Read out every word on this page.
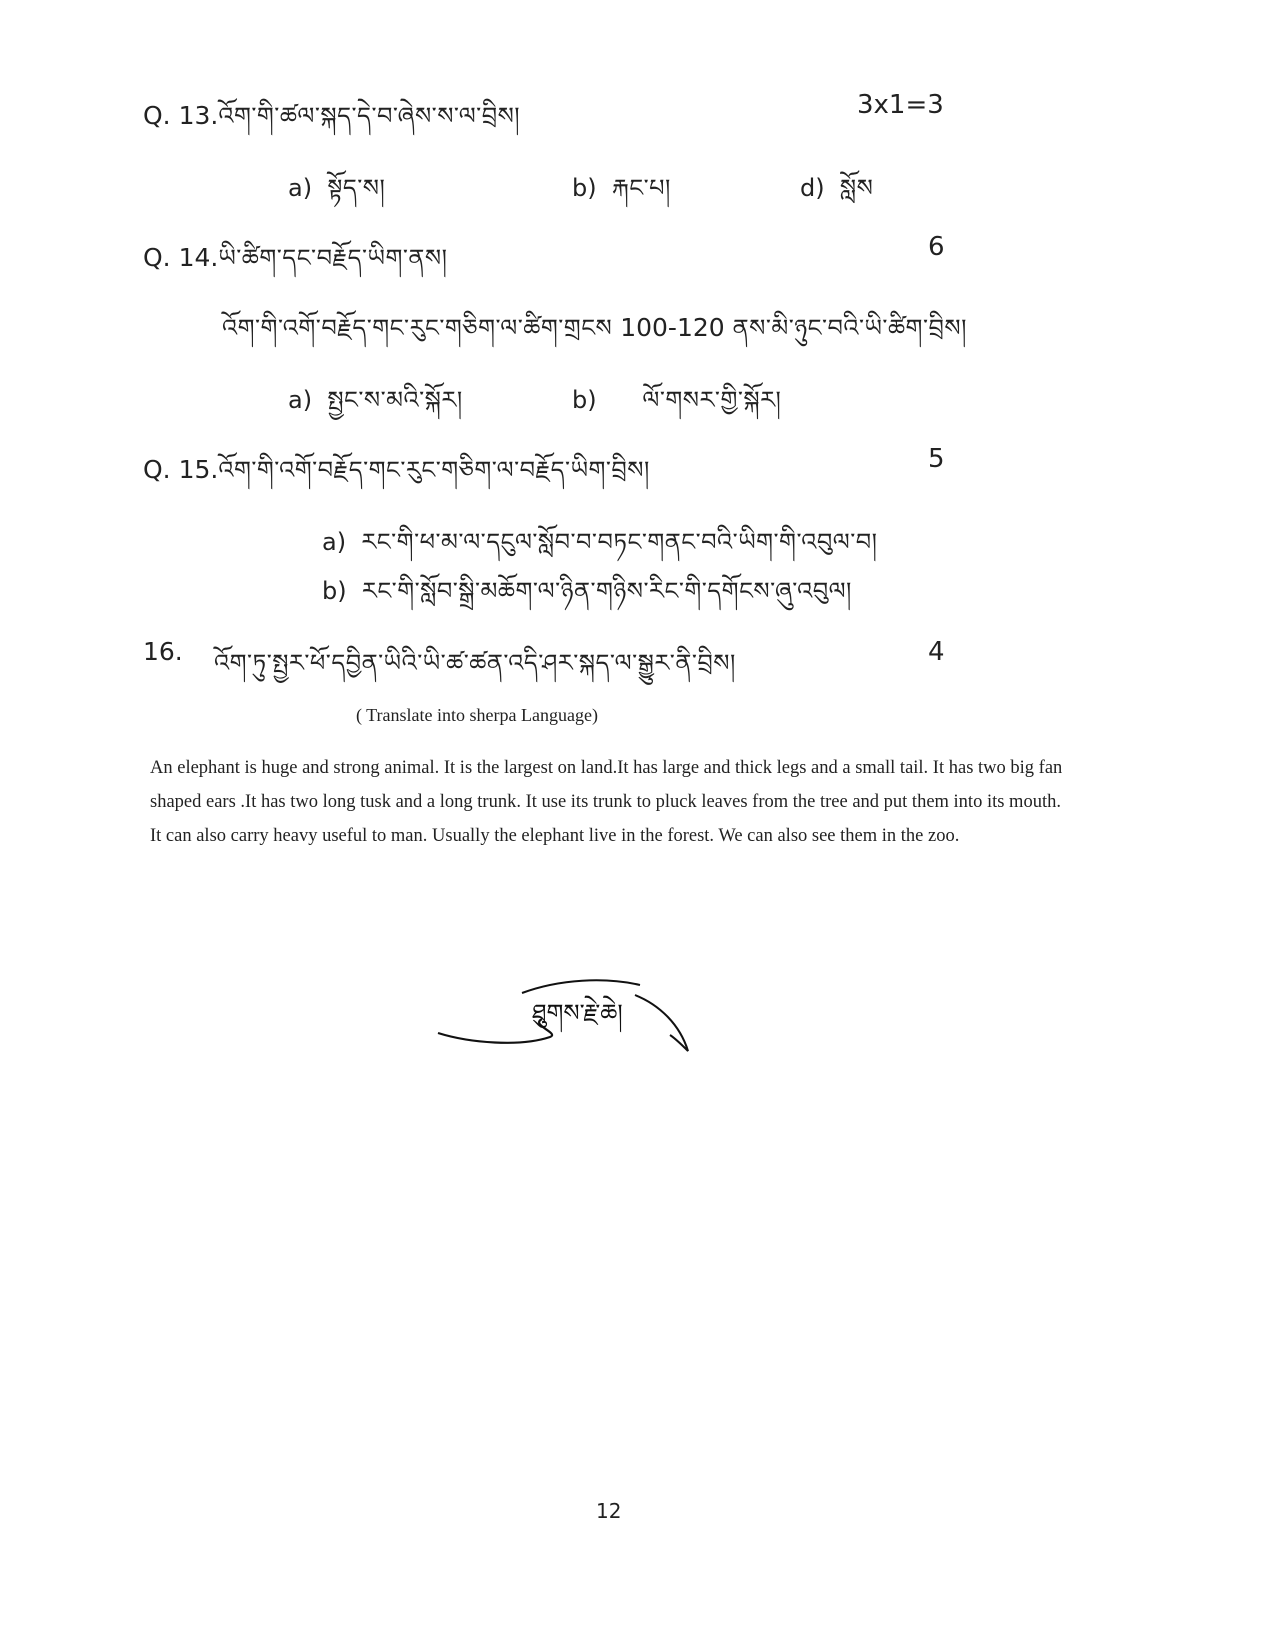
Q. 13.འོག་གི་ཚལ་སྐད་དེ་བ་ཞེས་ས་ལ་བྲིས།	3x1=3
a) སྟོད་ས།	b) རྐང་པ།	d) སློས
Q. 14.ཡི་ཚིག་དང་བརྗོད་ཡིག་ནས།	6
འོག་གི་འགོ་བརྗོད་གང་རུང་གཅིག་ལ་ཚིག་གྲངས 100-120 ནས་མི་ཉུང་བའི་ཡི་ཚིག་བྲིས།
a) སྤྱང་ས་མའི་སྐོར།	b) ལོ་གསར་གྱི་སྐོར།
Q. 15.འོག་གི་འགོ་བརྗོད་གང་རུང་གཅིག་ལ་བརྗོད་ཡིག་བྲིས།	5
a) རང་གི་ཕ་མ་ལ་དངུལ་སློབ་བ་བཏང་གནང་བའི་ཡིག་གི་འབུལ་བ།
b) རང་གི་སློབ་སྒྲི་མཆོག་ལ་ཉིན་གཉིས་རིང་གི་དགོངས་ཞུ་འབུལ།
16. འོག་ཏུ་སྤྱར་ཕོ་དབྱིན་ཡིའི་ཡི་ཚ་ཚན་འདི་ཤར་སྐད་ལ་སྒྱུར་ནི་བྲིས།	4
( Translate into sherpa Language)

An elephant is huge and strong animal. It is the largest on land.It has large and thick legs and a small tail. It has two big fan

shaped ears .It has two long tusk and a long trunk. It use its trunk to pluck leaves from the tree and put them into its mouth.

It can also carry heavy useful to man. Usually the elephant live in the forest. We can also see them in the zoo.

ཐུགས་རྗེ་ཆེ།
12
